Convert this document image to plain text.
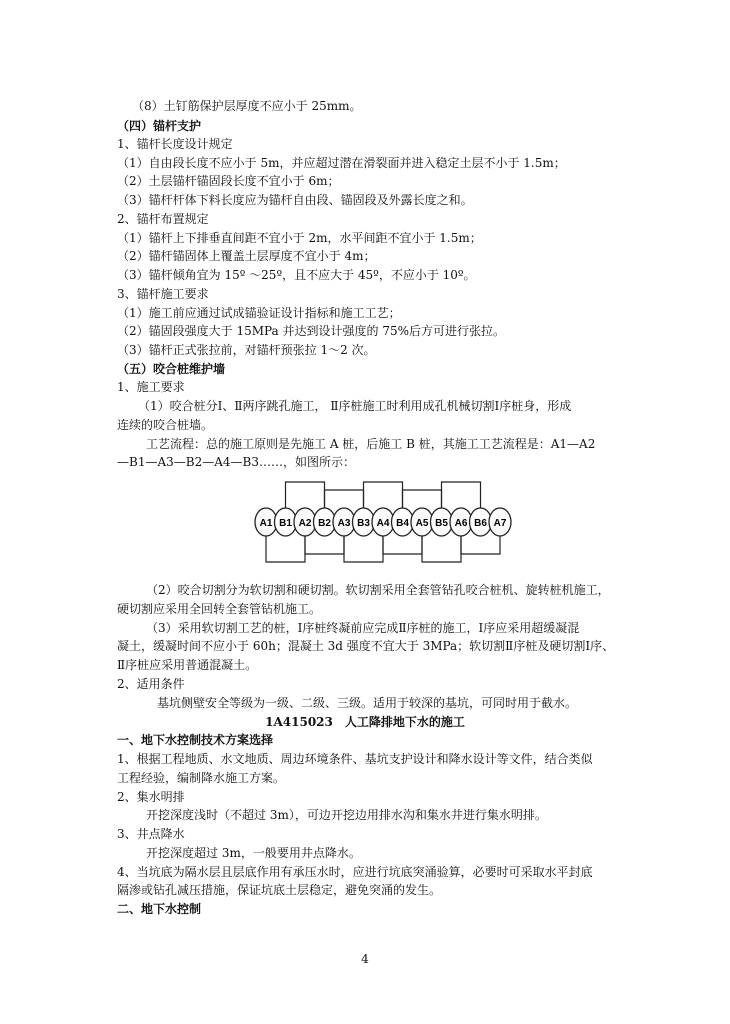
（8）土钉筋保护层厚度不应小于 25mm。
（四）锚杆支护
1、锚杆长度设计规定
（1）自由段长度不应小于 5m，并应超过潜在滑裂面并进入稳定土层不小于 1.5m；
（2）土层锚杆锚固段长度不宜小于 6m；
（3）锚杆杆体下料长度应为锚杆自由段、锚固段及外露长度之和。
2、锚杆布置规定
（1）锚杆上下排垂直间距不宜小于 2m，水平间距不宜小于 1.5m；
（2）锚杆锚固体上覆盖土层厚度不宜小于 4m；
（3）锚杆倾角宜为 15º ～25º，且不应大于 45º，不应小于 10º。
3、锚杆施工要求
（1）施工前应通过试成锚验证设计指标和施工工艺；
（2）锚固段强度大于 15MPa 并达到设计强度的 75%后方可进行张拉。
（3）锚杆正式张拉前，对锚杆预张拉 1～2 次。
（五）咬合桩维护墙
1、施工要求
（1）咬合桩分Ⅰ、Ⅱ两序跳孔施工， Ⅱ序桩施工时利用成孔机械切割Ⅰ序桩身，形成
连续的咬合桩墙。
工艺流程：总的施工原则是先施工 A 桩，后施工 B 桩，其施工工艺流程是：A1—A2
—B1—A3—B2—A4—B3……，如图所示：
A1 B1 A2 B2 A3 B3 A4 B4 A5 B5 A6 B6 A7
（2）咬合切割分为软切割和硬切割。软切割采用全套管钻孔咬合桩机、旋转桩机施工，
硬切割应采用全回转全套管钻机施工。
（3）采用软切割工艺的桩，Ⅰ序桩终凝前应完成Ⅱ序桩的施工，Ⅰ序应采用超缓凝混
凝土，缓凝时间不应小于 60h；混凝土 3d 强度不宜大于 3MPa；软切割Ⅱ序桩及硬切割Ⅰ序、
Ⅱ序桩应采用普通混凝土。
2、适用条件
基坑侧壁安全等级为一级、二级、三级。适用于较深的基坑，可同时用于截水。
1A415023　人工降排地下水的施工
一、地下水控制技术方案选择
1、根据工程地质、水文地质、周边环境条件、基坑支护设计和降水设计等文件，结合类似
工程经验，编制降水施工方案。
2、集水明排
开挖深度浅时（不超过 3m），可边开挖边用排水沟和集水井进行集水明排。
3、井点降水
开挖深度超过 3m，一般要用井点降水。
4、当坑底为隔水层且层底作用有承压水时，应进行坑底突涌验算，必要时可采取水平封底
隔渗或钻孔减压措施，保证坑底土层稳定，避免突涌的发生。
二、地下水控制
4
